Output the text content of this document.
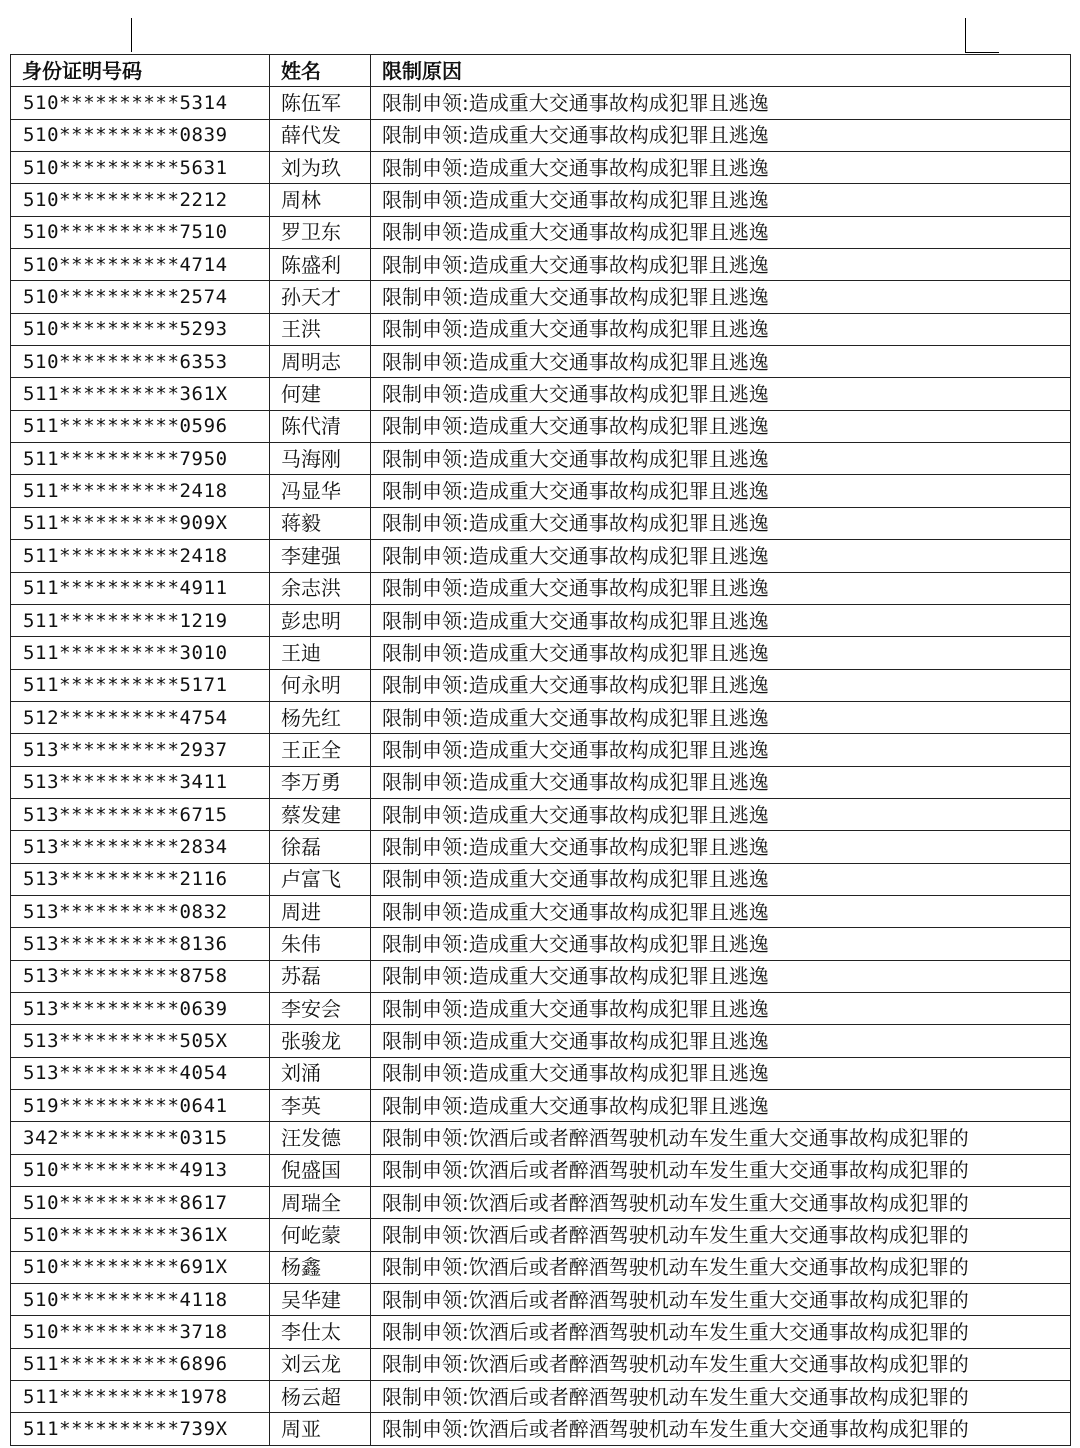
身份证明号码	姓名	限制原因
510**********5314	陈伍军	限制申领:造成重大交通事故构成犯罪且逃逸
510**********0839	薛代发	限制申领:造成重大交通事故构成犯罪且逃逸
510**********5631	刘为玖	限制申领:造成重大交通事故构成犯罪且逃逸
510**********2212	周林	限制申领:造成重大交通事故构成犯罪且逃逸
510**********7510	罗卫东	限制申领:造成重大交通事故构成犯罪且逃逸
510**********4714	陈盛利	限制申领:造成重大交通事故构成犯罪且逃逸
510**********2574	孙天才	限制申领:造成重大交通事故构成犯罪且逃逸
510**********5293	王洪	限制申领:造成重大交通事故构成犯罪且逃逸
510**********6353	周明志	限制申领:造成重大交通事故构成犯罪且逃逸
511**********361X	何建	限制申领:造成重大交通事故构成犯罪且逃逸
511**********0596	陈代清	限制申领:造成重大交通事故构成犯罪且逃逸
511**********7950	马海刚	限制申领:造成重大交通事故构成犯罪且逃逸
511**********2418	冯显华	限制申领:造成重大交通事故构成犯罪且逃逸
511**********909X	蒋毅	限制申领:造成重大交通事故构成犯罪且逃逸
511**********2418	李建强	限制申领:造成重大交通事故构成犯罪且逃逸
511**********4911	余志洪	限制申领:造成重大交通事故构成犯罪且逃逸
511**********1219	彭忠明	限制申领:造成重大交通事故构成犯罪且逃逸
511**********3010	王迪	限制申领:造成重大交通事故构成犯罪且逃逸
511**********5171	何永明	限制申领:造成重大交通事故构成犯罪且逃逸
512**********4754	杨先红	限制申领:造成重大交通事故构成犯罪且逃逸
513**********2937	王正全	限制申领:造成重大交通事故构成犯罪且逃逸
513**********3411	李万勇	限制申领:造成重大交通事故构成犯罪且逃逸
513**********6715	蔡发建	限制申领:造成重大交通事故构成犯罪且逃逸
513**********2834	徐磊	限制申领:造成重大交通事故构成犯罪且逃逸
513**********2116	卢富飞	限制申领:造成重大交通事故构成犯罪且逃逸
513**********0832	周进	限制申领:造成重大交通事故构成犯罪且逃逸
513**********8136	朱伟	限制申领:造成重大交通事故构成犯罪且逃逸
513**********8758	苏磊	限制申领:造成重大交通事故构成犯罪且逃逸
513**********0639	李安会	限制申领:造成重大交通事故构成犯罪且逃逸
513**********505X	张骏龙	限制申领:造成重大交通事故构成犯罪且逃逸
513**********4054	刘涌	限制申领:造成重大交通事故构成犯罪且逃逸
519**********0641	李英	限制申领:造成重大交通事故构成犯罪且逃逸
342**********0315	汪发德	限制申领:饮酒后或者醉酒驾驶机动车发生重大交通事故构成犯罪的
510**********4913	倪盛国	限制申领:饮酒后或者醉酒驾驶机动车发生重大交通事故构成犯罪的
510**********8617	周瑞全	限制申领:饮酒后或者醉酒驾驶机动车发生重大交通事故构成犯罪的
510**********361X	何屹蒙	限制申领:饮酒后或者醉酒驾驶机动车发生重大交通事故构成犯罪的
510**********691X	杨鑫	限制申领:饮酒后或者醉酒驾驶机动车发生重大交通事故构成犯罪的
510**********4118	吴华建	限制申领:饮酒后或者醉酒驾驶机动车发生重大交通事故构成犯罪的
510**********3718	李仕太	限制申领:饮酒后或者醉酒驾驶机动车发生重大交通事故构成犯罪的
511**********6896	刘云龙	限制申领:饮酒后或者醉酒驾驶机动车发生重大交通事故构成犯罪的
511**********1978	杨云超	限制申领:饮酒后或者醉酒驾驶机动车发生重大交通事故构成犯罪的
511**********739X	周亚	限制申领:饮酒后或者醉酒驾驶机动车发生重大交通事故构成犯罪的
